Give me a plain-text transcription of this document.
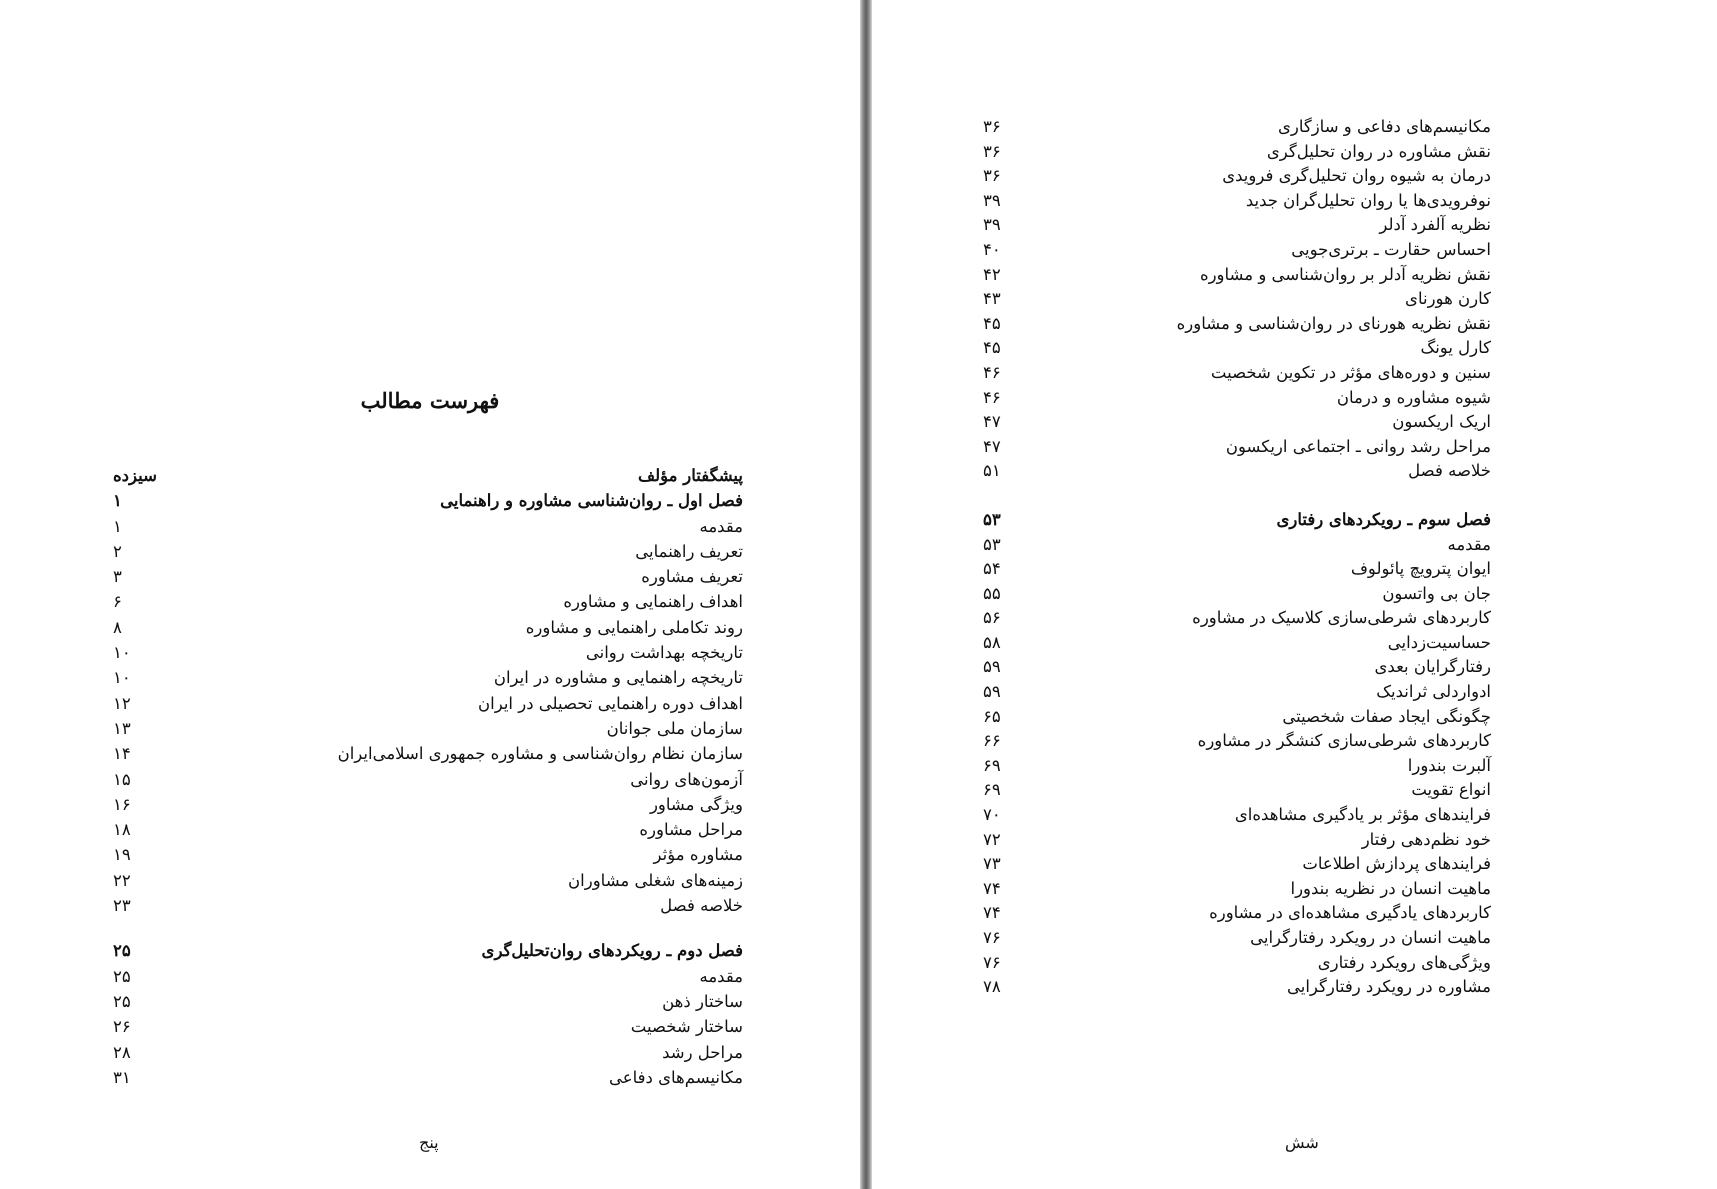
فهرست مطالب
پیشگفتار مؤلف
سیزده
فصل اول ـ روان‌شناسی مشاوره و راهنمایی
۱
مقدمه
۱
تعریف راهنمایی
۲
تعریف مشاوره
۳
اهداف راهنمایی و مشاوره
۶
روند تکاملی راهنمایی و مشاوره
۸
تاریخچه بهداشت روانی
۱۰
تاریخچه راهنمایی و مشاوره در ایران
۱۰
اهداف دوره راهنمایی تحصیلی در ایران
۱۲
سازمان ملی جوانان
۱۳
سازمان نظام روان‌شناسی و مشاوره جمهوری اسلامی‌ایران
۱۴
آزمون‌های روانی
۱۵
ویژگی مشاور
۱۶
مراحل مشاوره
۱۸
مشاوره مؤثر
۱۹
زمینه‌های شغلی مشاوران
۲۲
خلاصه فصل
۲۳
فصل دوم ـ رویکردهای روان‌تحلیل‌گری
۲۵
مقدمه
۲۵
ساختار ذهن
۲۵
ساختار شخصیت
۲۶
مراحل رشد
۲۸
مکانیسم‌های دفاعی
۳۱
پنج
مکانیسم‌های دفاعی و سازگاری
۳۶
نقش مشاوره در روان تحلیل‌گری
۳۶
درمان به شیوه روان تحلیل‌گری فرویدی
۳۶
نوفرویدی‌ها یا روان تحلیل‌گران جدید
۳۹
نظریه آلفرد آدلر
۳۹
احساس حقارت ـ برتری‌جویی
۴۰
نقش نظریه آدلر بر روان‌شناسی و مشاوره
۴۲
کارن هورنای
۴۳
نقش نظریه هورنای در روان‌شناسی و مشاوره
۴۵
کارل یونگ
۴۵
سنین و دوره‌های مؤثر در تکوین شخصیت
۴۶
شیوه مشاوره و درمان
۴۶
اریک اریکسون
۴۷
مراحل رشد روانی ـ اجتماعی اریکسون
۴۷
خلاصه فصل
۵۱
فصل سوم ـ رویکردهای رفتاری
۵۳
مقدمه
۵۳
ایوان پترویچ پائولوف
۵۴
جان بی واتسون
۵۵
کاربردهای شرطی‌سازی کلاسیک در مشاوره
۵۶
حساسیت‌زدایی
۵۸
رفتارگرایان بعدی
۵۹
ادواردلی ثراندیک
۵۹
چگونگی ایجاد صفات شخصیتی
۶۵
کاربردهای شرطی‌سازی کنشگر در مشاوره
۶۶
آلبرت بندورا
۶۹
انواع تقویت
۶۹
فرایندهای مؤثر بر یادگیری مشاهده‌ای
۷۰
خود نظم‌دهی رفتار
۷۲
فرایندهای پردازش اطلاعات
۷۳
ماهیت انسان در نظریه بندورا
۷۴
کاربردهای یادگیری مشاهده‌ای در مشاوره
۷۴
ماهیت انسان در رویکرد رفتارگرایی
۷۶
ویژگی‌های رویکرد رفتاری
۷۶
مشاوره در رویکرد رفتارگرایی
۷۸
شش
